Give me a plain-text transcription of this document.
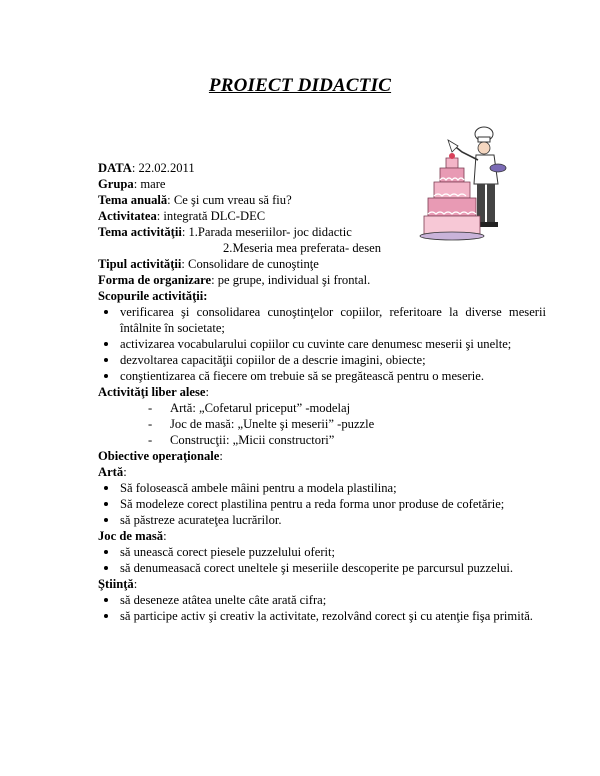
PROIECT DIDACTIC
DATA: 22.02.2011
Grupa: mare
Tema anuală: Ce şi cum vreau să fiu?
Activitatea: integrată DLC-DEC
Tema activităţii: 1.Parada meseriilor- joc didactic
2.Meseria mea preferata- desen
Tipul activităţii: Consolidare de cunoştinţe
Forma de organizare: pe grupe, individual şi frontal.
Scopurile activităţii:
verificarea şi consolidarea cunoştinţelor copiilor, referitoare la diverse meserii întâlnite în societate;
activizarea vocabularului copiilor cu cuvinte care denumesc meserii şi unelte;
dezvoltarea capacităţii copiilor de a descrie imagini, obiecte;
conştientizarea că fiecere om trebuie să se pregătească pentru o meserie.
Activităţi liber alese:
- Artă: „Cofetarul priceput” -modelaj
- Joc de masă: „Unelte şi meserii” -puzzle
- Construcţii: „Micii constructori”
Obiective operaţionale:
Artă:
Să folosească ambele mâini pentru a modela plastilina;
Să modeleze corect plastilina pentru a reda forma unor produse de cofetărie;
să păstreze acurateţea lucrărilor.
Joc de masă:
să unească corect piesele puzzelului oferit;
să denumeasacă corect uneltele şi meseriile descoperite pe parcursul puzzelui.
Ştiinţă:
să deseneze atâtea unelte câte arată cifra;
să participe activ şi creativ la activitate, rezolvând corect şi cu atenţie fişa primită.
